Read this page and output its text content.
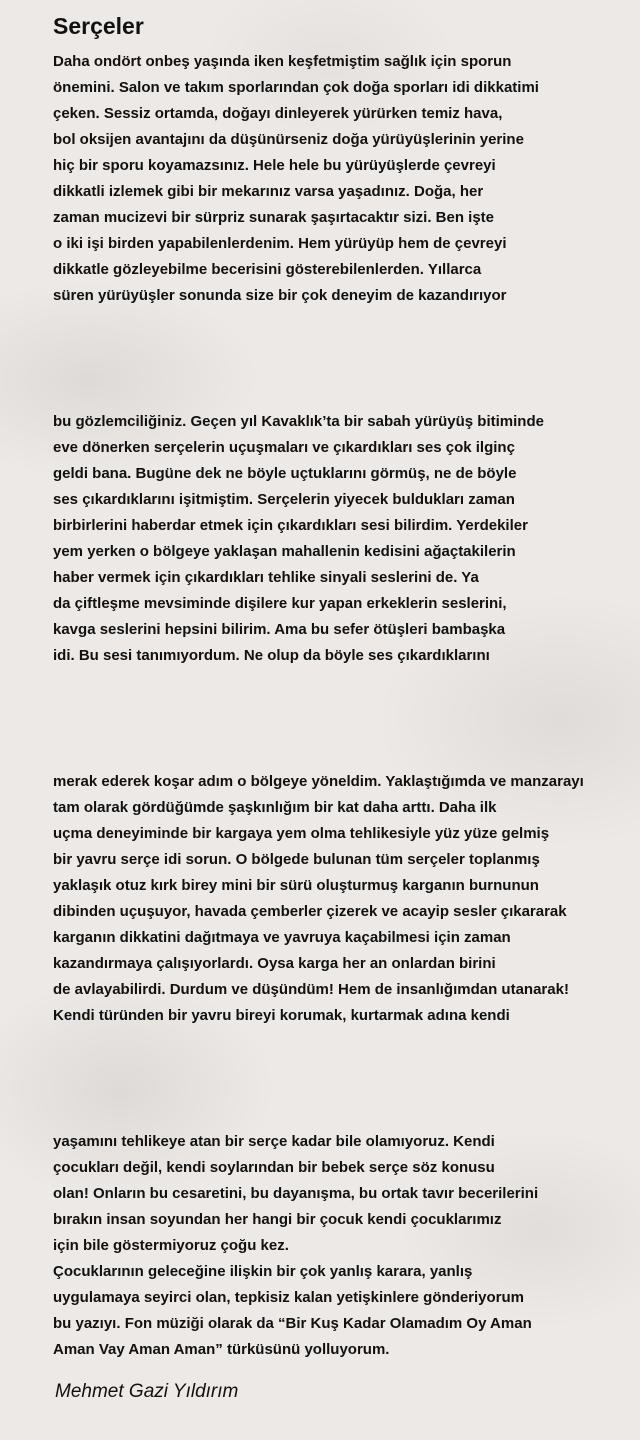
Serçeler
Daha ondört onbeş yaşında iken keşfetmiştim sağlık için sporun
önemini. Salon ve takım sporlarından çok doğa sporları idi dikkatimi
çeken. Sessiz ortamda, doğayı dinleyerek yürürken temiz hava,
bol oksijen avantajını da düşünürseniz doğa yürüyüşlerinin yerine
hiç bir sporu koyamazsınız. Hele hele bu yürüyüşlerde çevreyi
dikkatli izlemek gibi bir mekarınız varsa yaşadınız. Doğa, her
zaman mucizevi bir sürpriz sunarak şaşırtacaktır sizi. Ben işte
o iki işi birden yapabilenlerdenim. Hem yürüyüp hem de çevreyi
dikkatle gözleyebilme becerisini gösterebilenlerden. Yıllarca
süren yürüyüşler sonunda size bir çok deneyim de kazandırıyor
bu gözlemciliğiniz. Geçen yıl Kavaklık’ta bir sabah yürüyüş bitiminde
eve dönerken serçelerin uçuşmaları ve çıkardıkları ses çok ilginç
geldi bana. Bugüne dek ne böyle uçtuklarını görmüş, ne de böyle
ses çıkardıklarını işitmiştim. Serçelerin yiyecek buldukları zaman
birbirlerini haberdar etmek için çıkardıkları sesi bilirdim. Yerdekiler
yem yerken o bölgeye yaklaşan mahallenin kedisini ağaçtakilerin
haber vermek için çıkardıkları tehlike sinyali seslerini de. Ya
da çiftleşme mevsiminde dişilere kur yapan erkeklerin seslerini,
kavga seslerini hepsini bilirim. Ama bu sefer ötüşleri bambaşka
idi. Bu sesi tanımıyordum. Ne olup da böyle ses çıkardıklarını
merak ederek koşar adım o bölgeye yöneldim. Yaklaştığımda ve manzarayı
tam olarak gördüğümde şaşkınlığım bir kat daha arttı. Daha ilk
uçma deneyiminde bir kargaya yem olma tehlikesiyle yüz yüze gelmiş
bir yavru serçe idi sorun. O bölgede bulunan tüm serçeler toplanmış
yaklaşık otuz kırk birey mini bir sürü oluşturmuş karganın burnunun
dibinden uçuşuyor, havada çemberler çizerek ve acayip sesler çıkararak
karganın dikkatini dağıtmaya ve yavruya kaçabilmesi için zaman
kazandırmaya çalışıyorlardı. Oysa karga her an onlardan birini
de avlayabilirdi. Durdum ve düşündüm! Hem de insanlığımdan utanarak!
Kendi türünden bir yavru bireyi korumak, kurtarmak adına kendi
yaşamını tehlikeye atan bir serçe kadar bile olamıyoruz. Kendi
çocukları değil, kendi soylarından bir bebek serçe söz konusu
olan! Onların bu cesaretini, bu dayanışma, bu ortak tavır becerilerini
bırakın insan soyundan her hangi bir çocuk kendi çocuklarımız
için bile göstermiyoruz çoğu kez.
Çocuklarının geleceğine ilişkin bir çok yanlış karara, yanlış
uygulamaya seyirci olan, tepkisiz kalan yetişkinlere gönderiyorum
bu yazıyı. Fon müziği olarak da “Bir Kuş Kadar Olamadım Oy Aman
Aman Vay Aman Aman” türküsünü yolluyorum.

Mehmet Gazi Yıldırım
